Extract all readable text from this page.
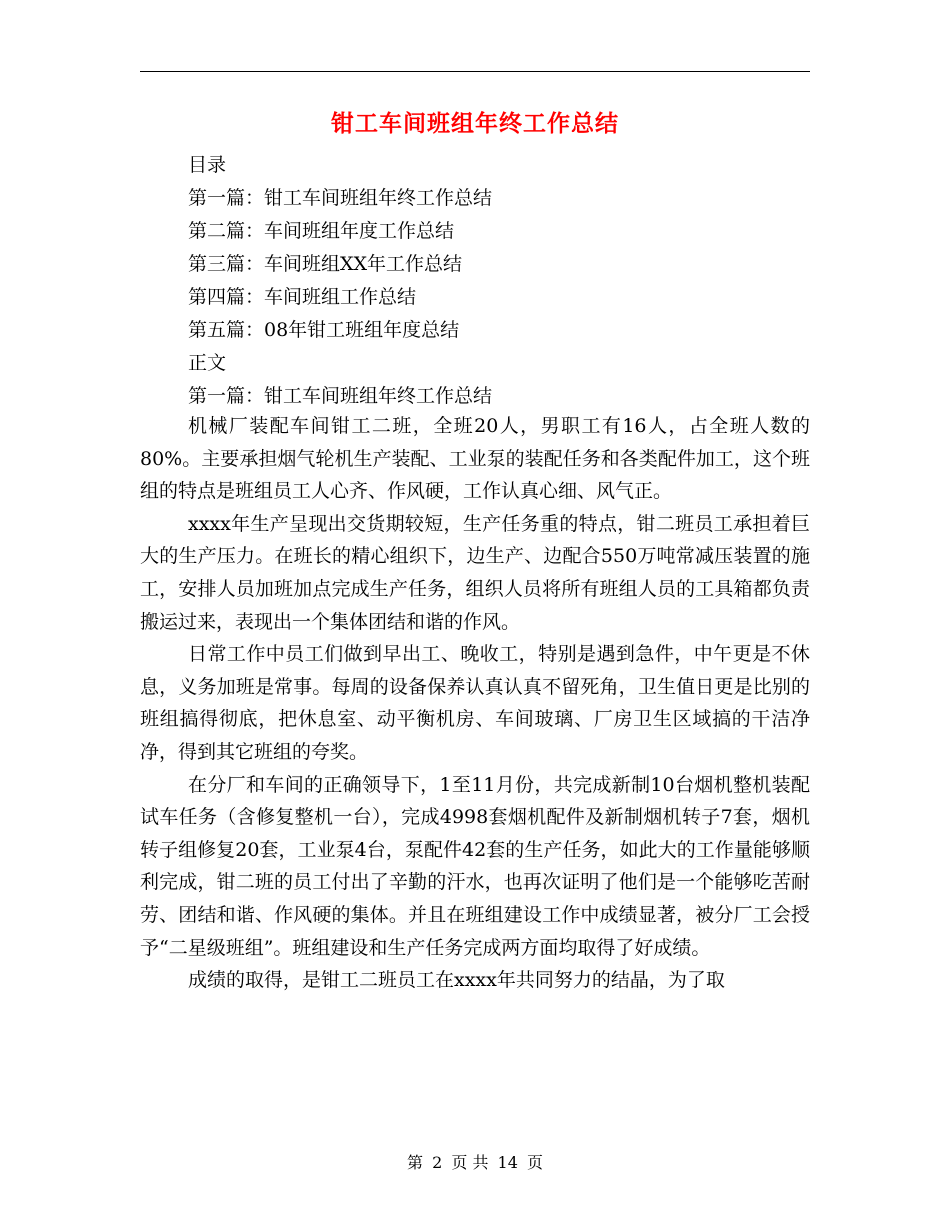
钳工车间班组年终工作总结
目录
第一篇：钳工车间班组年终工作总结
第二篇：车间班组年度工作总结
第三篇：车间班组XX年工作总结
第四篇：车间班组工作总结
第五篇：08年钳工班组年度总结
正文
第一篇：钳工车间班组年终工作总结

机械厂装配车间钳工二班，全班20人，男职工有16人，占全班人数的80%。主要承担烟气轮机生产装配、工业泵的装配任务和各类配件加工，这个班组的特点是班组员工人心齐、作风硬，工作认真心细、风气正。

xxxx年生产呈现出交货期较短，生产任务重的特点，钳二班员工承担着巨大的生产压力。在班长的精心组织下，边生产、边配合550万吨常减压装置的施工，安排人员加班加点完成生产任务，组织人员将所有班组人员的工具箱都负责搬运过来，表现出一个集体团结和谐的作风。

日常工作中员工们做到早出工、晚收工，特别是遇到急件，中午更是不休息，义务加班是常事。每周的设备保养认真认真不留死角，卫生值日更是比别的班组搞得彻底，把休息室、动平衡机房、车间玻璃、厂房卫生区域搞的干洁净净，得到其它班组的夸奖。

在分厂和车间的正确领导下，1至11月份，共完成新制10台烟机整机装配试车任务（含修复整机一台），完成4998套烟机配件及新制烟机转子7套，烟机转子组修复20套，工业泵4台，泵配件42套的生产任务，如此大的工作量能够顺利完成，钳二班的员工付出了辛勤的汗水，也再次证明了他们是一个能够吃苦耐劳、团结和谐、作风硬的集体。并且在班组建设工作中成绩显著，被分厂工会授予“二星级班组”。班组建设和生产任务完成两方面均取得了好成绩。

成绩的取得，是钳工二班员工在xxxx年共同努力的结晶，为了取

第 2 页 共 14 页
